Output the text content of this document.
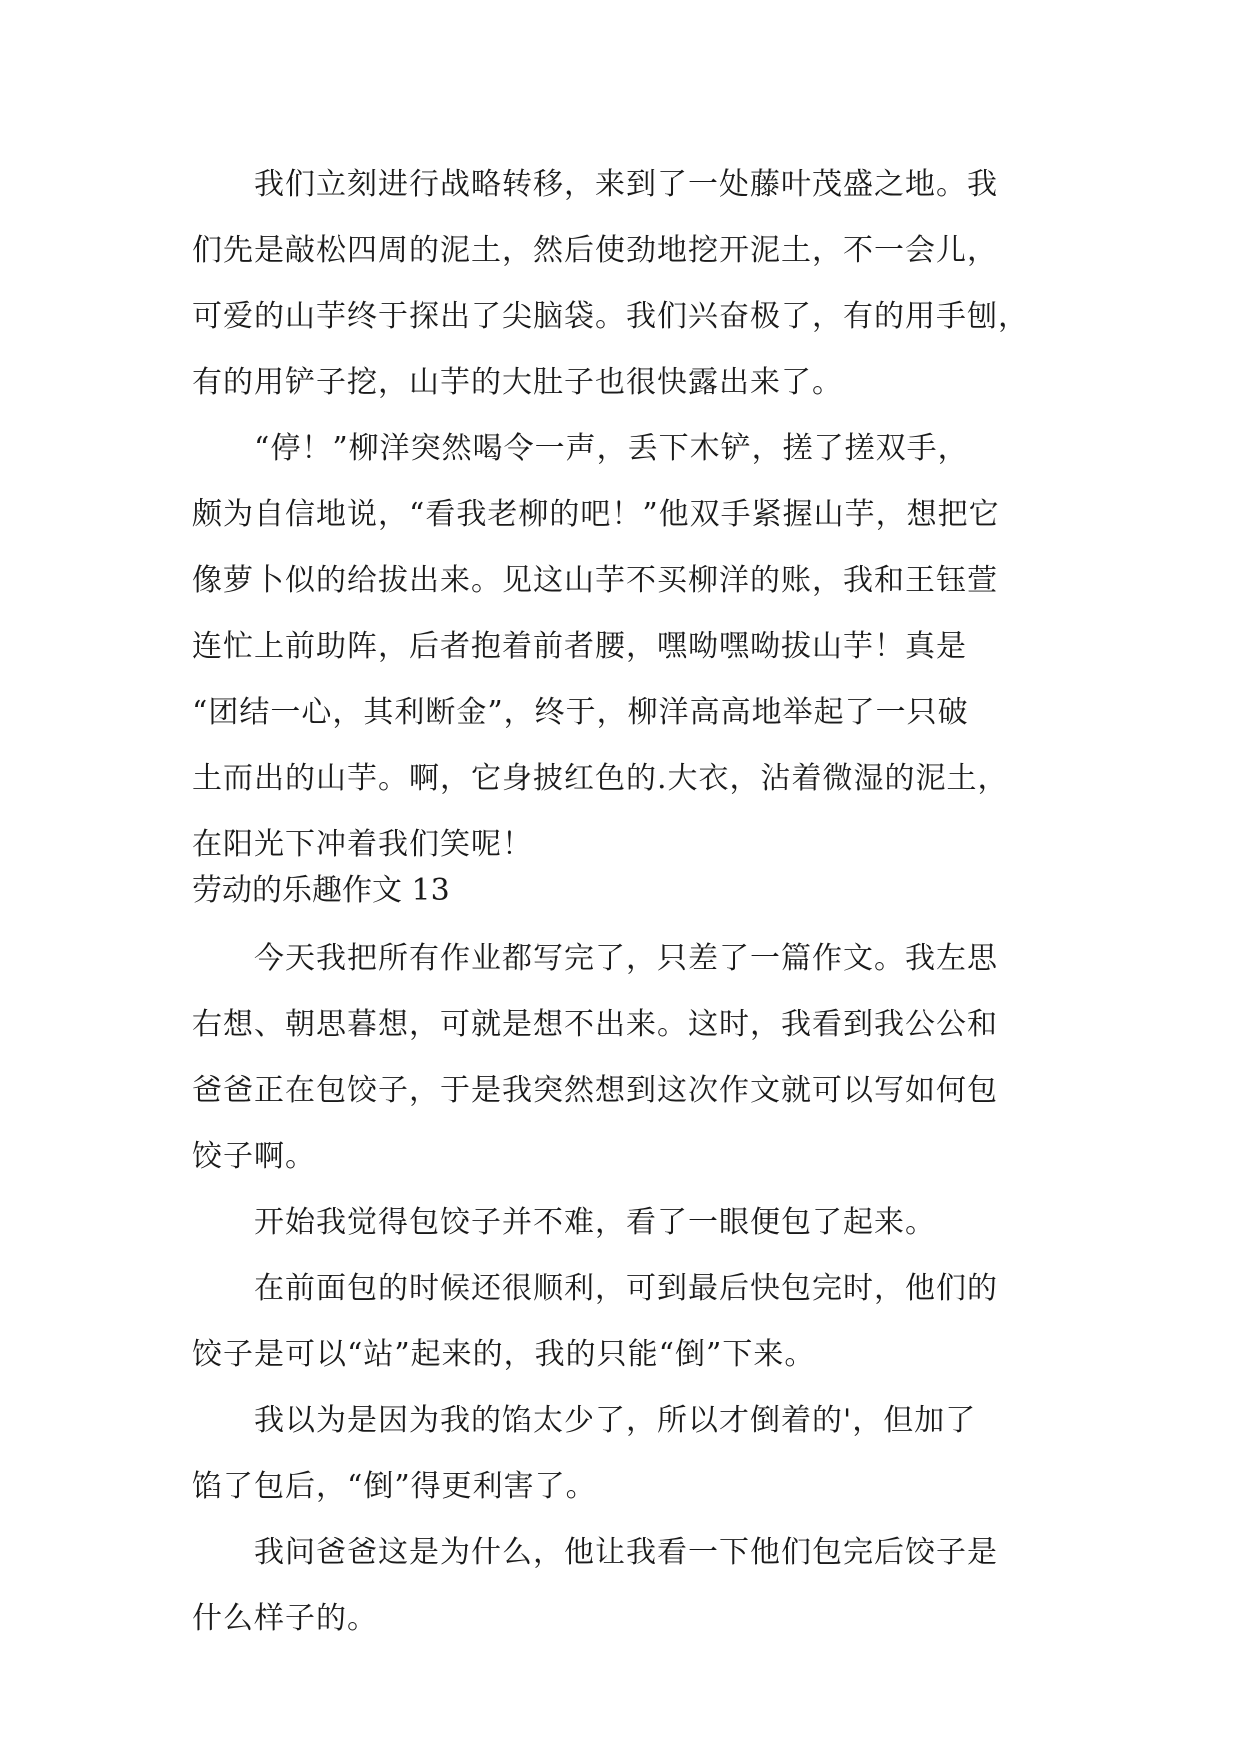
我们立刻进行战略转移，来到了一处藤叶茂盛之地。我
们先是敲松四周的泥土，然后使劲地挖开泥土，不一会儿，
可爱的山芋终于探出了尖脑袋。我们兴奋极了，有的用手刨，
有的用铲子挖，山芋的大肚子也很快露出来了。
“停！”柳洋突然喝令一声，丢下木铲，搓了搓双手，
颇为自信地说，“看我老柳的吧！”他双手紧握山芋，想把它
像萝卜似的给拔出来。见这山芋不买柳洋的账，我和王钰萱
连忙上前助阵，后者抱着前者腰，嘿呦嘿呦拔山芋！真是
“团结一心，其利断金”，终于，柳洋高高地举起了一只破
土而出的山芋。啊，它身披红色的.大衣，沾着微湿的泥土，
在阳光下冲着我们笑呢！
劳动的乐趣作文 13
今天我把所有作业都写完了，只差了一篇作文。我左思
右想、朝思暮想，可就是想不出来。这时，我看到我公公和
爸爸正在包饺子，于是我突然想到这次作文就可以写如何包
饺子啊。
开始我觉得包饺子并不难，看了一眼便包了起来。
在前面包的时候还很顺利，可到最后快包完时，他们的
饺子是可以“站”起来的，我的只能“倒”下来。
我以为是因为我的馅太少了，所以才倒着的'，但加了
馅了包后，“倒”得更利害了。
我问爸爸这是为什么，他让我看一下他们包完后饺子是
什么样子的。
